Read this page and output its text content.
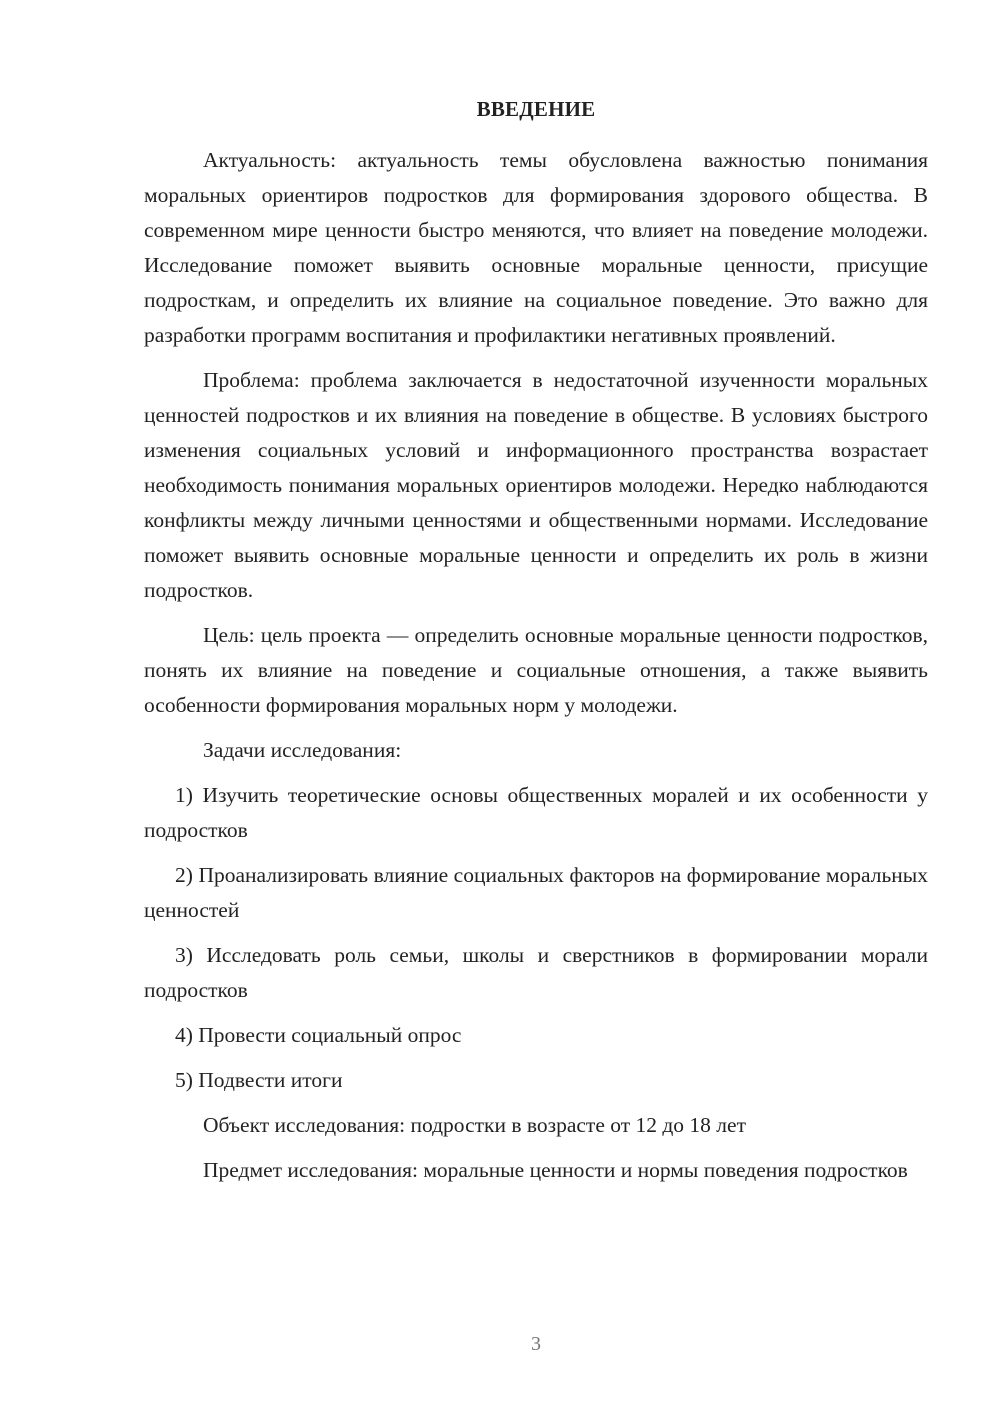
ВВЕДЕНИЕ

Актуальность: актуальность темы обусловлена важностью понимания моральных ориентиров подростков для формирования здорового общества. В современном мире ценности быстро меняются, что влияет на поведение молодежи. Исследование поможет выявить основные моральные ценности, присущие подросткам, и определить их влияние на социальное поведение. Это важно для разработки программ воспитания и профилактики негативных проявлений.

Проблема: проблема заключается в недостаточной изученности моральных ценностей подростков и их влияния на поведение в обществе. В условиях быстрого изменения социальных условий и информационного пространства возрастает необходимость понимания моральных ориентиров молодежи. Нередко наблюдаются конфликты между личными ценностями и общественными нормами. Исследование поможет выявить основные моральные ценности и определить их роль в жизни подростков.

Цель: цель проекта — определить основные моральные ценности подростков, понять их влияние на поведение и социальные отношения, а также выявить особенности формирования моральных норм у молодежи.

Задачи исследования:

1) Изучить теоретические основы общественных моралей и их особенности у подростков

2) Проанализировать влияние социальных факторов на формирование моральных ценностей

3) Исследовать роль семьи, школы и сверстников в формировании морали подростков

4) Провести социальный опрос

5) Подвести итоги

Объект исследования: подростки в возрасте от 12 до 18 лет

Предмет исследования: моральные ценности и нормы поведения подростков

3
